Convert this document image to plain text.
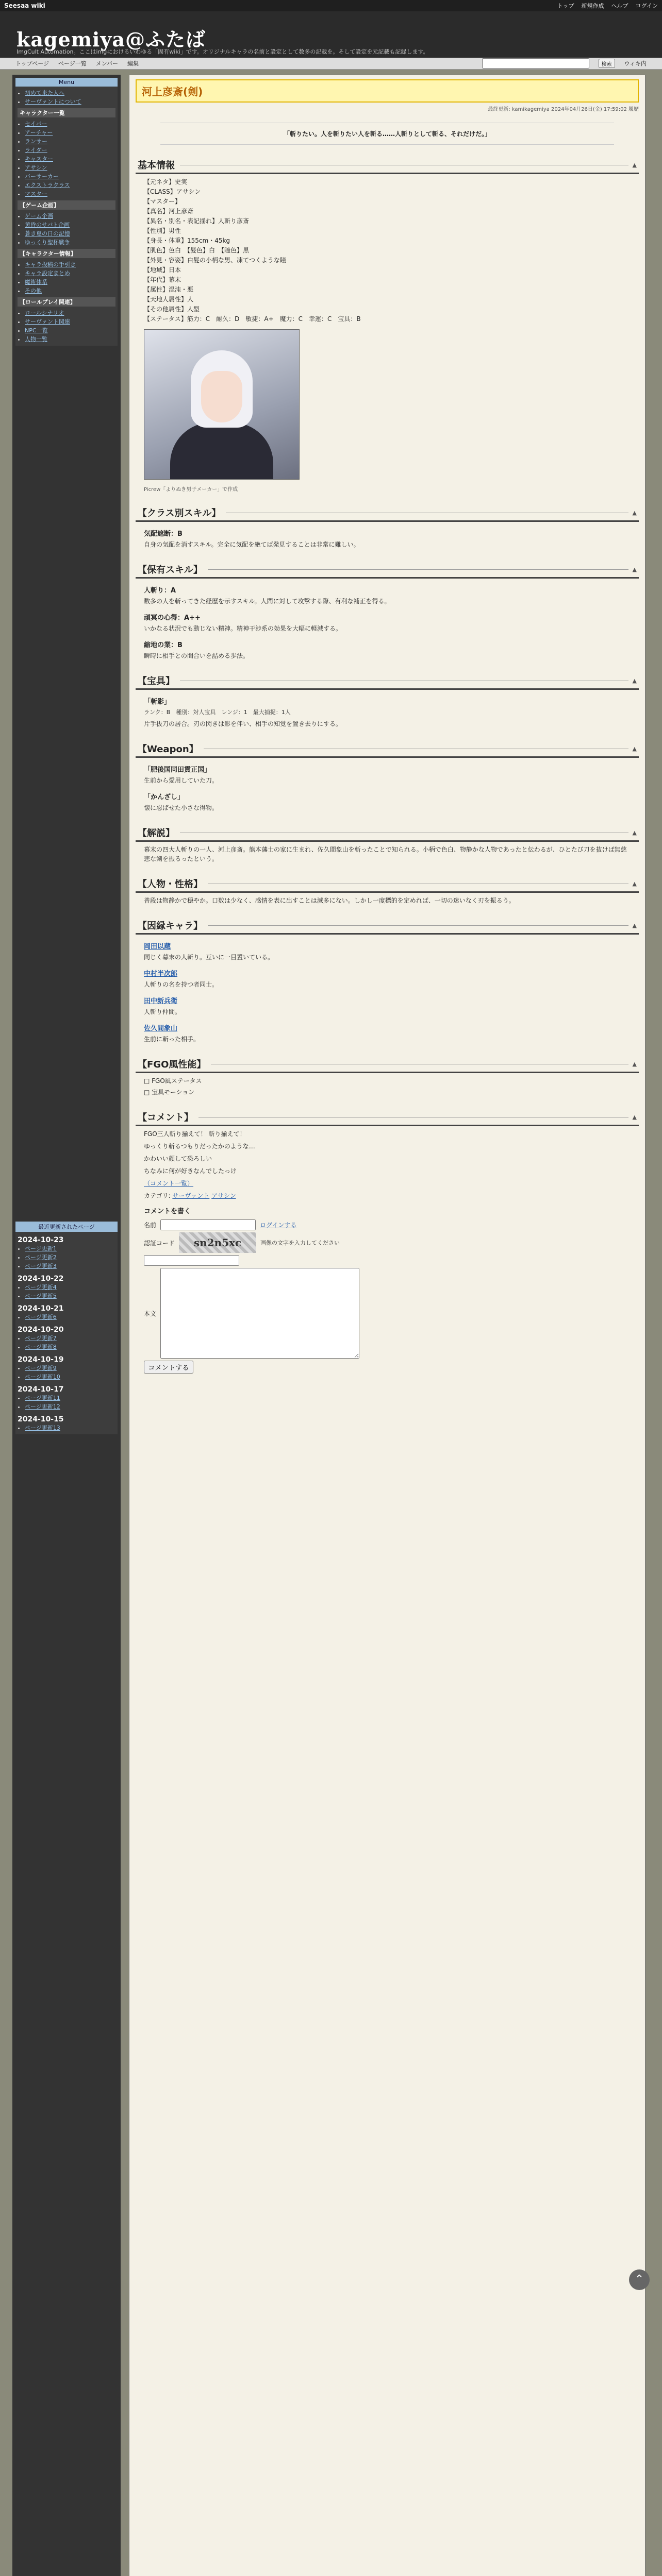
Seesaa wiki	トップ 新規作成 ヘルプ ログイン
kagemiya@ふたば
ImgCult Automation。ここはimgにおけるいわゆる「固有wiki」です。オリジナルキャラの名前と設定として数多の記載を。そして設定を元記載も記録します。
トップページ ページ一覧 メンバー 編集	検索	ウィキ内
Menu
• 初めて来た人へ
• サーヴァントについて
キャラクター一覧
• セイバー
• アーチャー
• ランサー
• ライダー
• キャスター
• アサシン
• バーサーカー
• エクストラクラス
• マスター
【ゲーム企画】
• ゲーム企画
• 黄昏のサバト企画
• 蒼き夏の日の記憶
• ゆっくり聖杯戦争
【キャラクター情報】
• キャラ投稿の手引き
• キャラ設定まとめ
• 魔術体系
• その他
【ロールプレイ関連】
• ロールシナリオ
• サーヴァント関連
• NPC一覧
• 人物一覧
最近更新されたページ
2024-10-23
• ページ更新1
• ページ更新2
• ページ更新3
2024-10-22
• ページ更新4
• ページ更新5
2024-10-21
• ページ更新6
2024-10-20
• ページ更新7
• ページ更新8
2024-10-19
• ページ更新9
• ページ更新10
2024-10-17
• ページ更新11
• ページ更新12
2024-10-15
• ページ更新13
河上彦斎(剣)
最終更新: kamikagemiya 2024年04月26日(金) 17:59:02 履歴
「斬りたい。人を斬りたい人を斬る……人斬りとして斬る、それだけだ。」
基本情報	▲
【元ネタ】史実
【CLASS】アサシン
【マスター】
【真名】河上彦斎
【異名・別名・表記揺れ】人斬り彦斎
【性別】男性
【身長・体重】155cm・45kg
【肌色】色白　【髪色】白　【瞳色】黒
【外見・容姿】白髪の小柄な男、凍てつくような瞳
【地域】日本
【年代】幕末
【属性】混沌・悪
【天地人属性】人
【その他属性】人型
【ステータス】筋力：C　耐久：D　敏捷：A+　魔力：C　幸運：C　宝具：B
Picrew「よりぬき男子メーカー」で作成
【クラス別スキル】	▲
気配遮断：B
自身の気配を消すスキル。完全に気配を絶てば発見することは非常に難しい。
【保有スキル】	▲
人斬り：A
数多の人を斬ってきた経歴を示すスキル。人間に対して攻撃する際、有利な補正を得る。
頑冥の心得：A++
いかなる状況でも動じない精神。精神干渉系の効果を大幅に軽減する。
縮地の業：B
瞬時に相手との間合いを詰める歩法。
【宝具】	▲
「斬影」
ランク：B　種別：対人宝具　レンジ：1　最大捕捉：1人
片手抜刀の居合。刃の閃きは影を伴い、相手の知覚を置き去りにする。
【Weapon】	▲
「肥後国同田貫正国」
生前から愛用していた刀。
「かんざし」
懐に忍ばせた小さな得物。
【解説】	▲
幕末の四大人斬りの一人、河上彦斎。熊本藩士の家に生まれ、佐久間象山を斬ったことで知られる。小柄で色白、物静かな人物であったと伝わるが、ひとたび刀を抜けば無慈悲な剣を振るったという。
【人物・性格】	▲
普段は物静かで穏やか。口数は少なく、感情を表に出すことは滅多にない。しかし一度標的を定めれば、一切の迷いなく刃を振るう。
【因縁キャラ】	▲
岡田以蔵
同じく幕末の人斬り。互いに一目置いている。
中村半次郎
人斬りの名を持つ者同士。
田中新兵衛
人斬り仲間。
佐久間象山
生前に斬った相手。
【FGO風性能】	▲
□ FGO風ステータス
□ 宝具モーション
【コメント】	▲
FGO三人斬り揃えて！ 斬り揃えて！
ゆっくり斬るつもりだったかのような…
かわいい顔して恐ろしい
ちなみに何が好きなんでしたっけ
（コメント一覧）
カテゴリ: サーヴァント アサシン
コメントを書く
名前	ログインする
認証コード	sn2n5xc	画像の文字を入力してください
本文
コメントする
⌃
